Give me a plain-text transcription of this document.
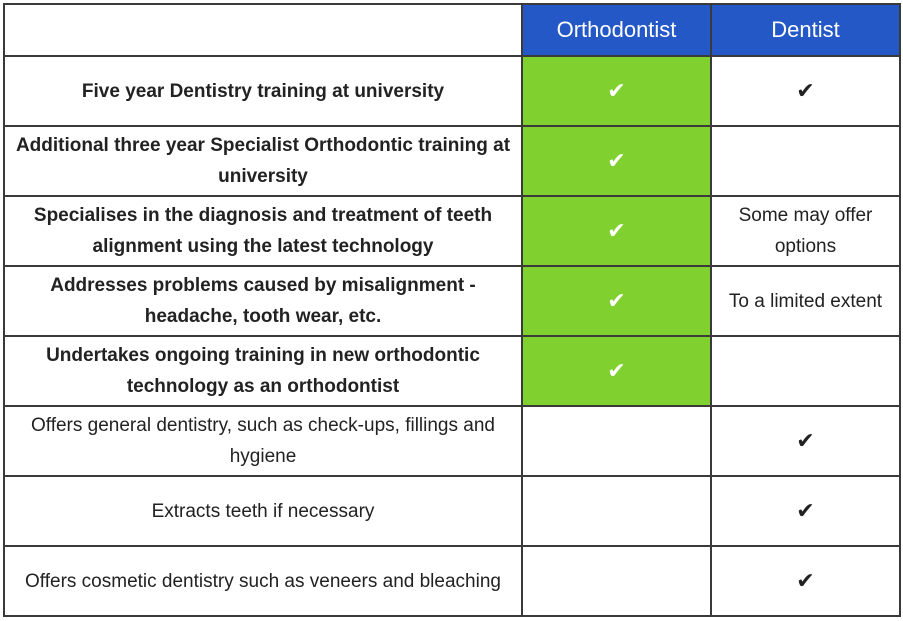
	Orthodontist	Dentist
Five year Dentistry training at university	✔	✔
Additional three year Specialist Orthodontic training at university	✔	
Specialises in the diagnosis and treatment of teeth alignment using the latest technology	✔	Some may offer options
Addresses problems caused by misalignment - headache, tooth wear, etc.	✔	To a limited extent
Undertakes ongoing training in new orthodontic technology as an orthodontist	✔	
Offers general dentistry, such as check-ups, fillings and hygiene		✔
Extracts teeth if necessary		✔
Offers cosmetic dentistry such as veneers and bleaching		✔
